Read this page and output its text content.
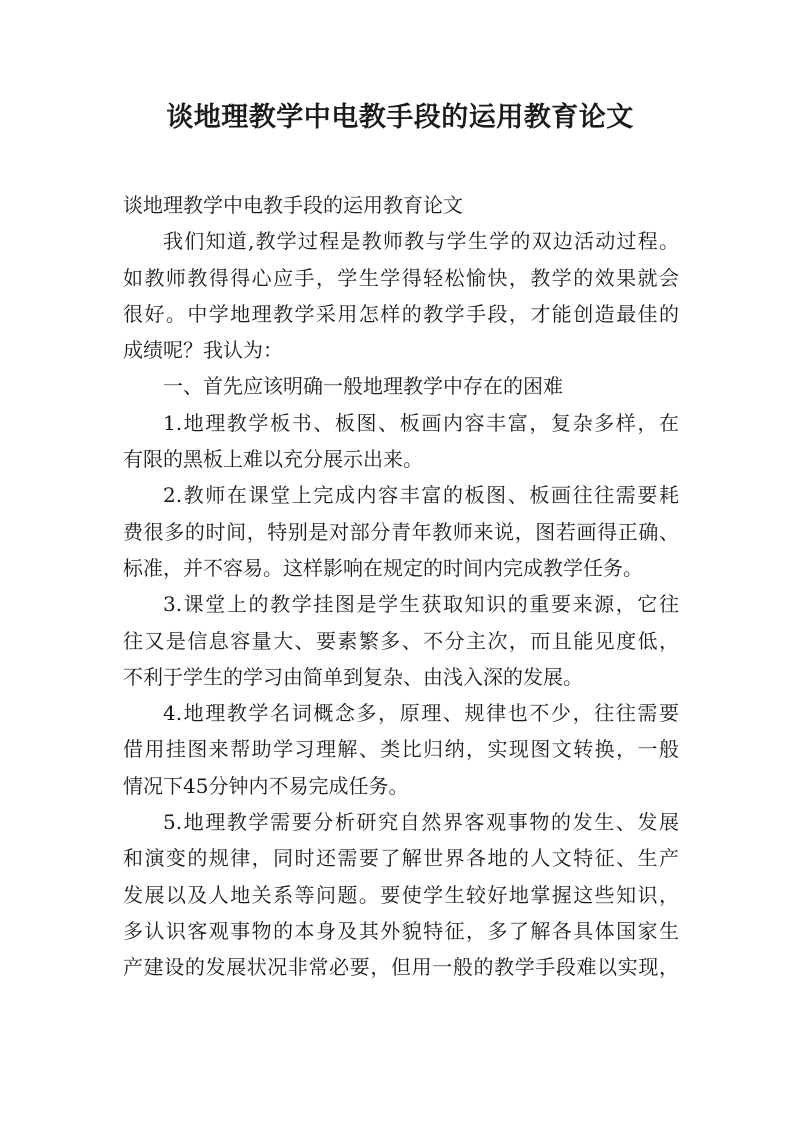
谈地理教学中电教手段的运用教育论文

谈地理教学中电教手段的运用教育论文

我们知道,教学过程是教师教与学生学的双边活动过程。

如教师教得得心应手，学生学得轻松愉快，教学的效果就会

很好。中学地理教学采用怎样的教学手段，才能创造最佳的

成绩呢？我认为：

一、首先应该明确一般地理教学中存在的困难

1.地理教学板书、板图、板画内容丰富，复杂多样，在

有限的黑板上难以充分展示出来。

2.教师在课堂上完成内容丰富的板图、板画往往需要耗

费很多的时间，特别是对部分青年教师来说，图若画得正确、

标准，并不容易。这样影响在规定的时间内完成教学任务。

3.课堂上的教学挂图是学生获取知识的重要来源，它往

往又是信息容量大、要素繁多、不分主次，而且能见度低，

不利于学生的学习由简单到复杂、由浅入深的发展。

4.地理教学名词概念多，原理、规律也不少，往往需要

借用挂图来帮助学习理解、类比归纳，实现图文转换，一般

情况下45分钟内不易完成任务。

5.地理教学需要分析研究自然界客观事物的发生、发展

和演变的规律，同时还需要了解世界各地的人文特征、生产

发展以及人地关系等问题。要使学生较好地掌握这些知识，

多认识客观事物的本身及其外貌特征，多了解各具体国家生

产建设的发展状况非常必要，但用一般的教学手段难以实现，
